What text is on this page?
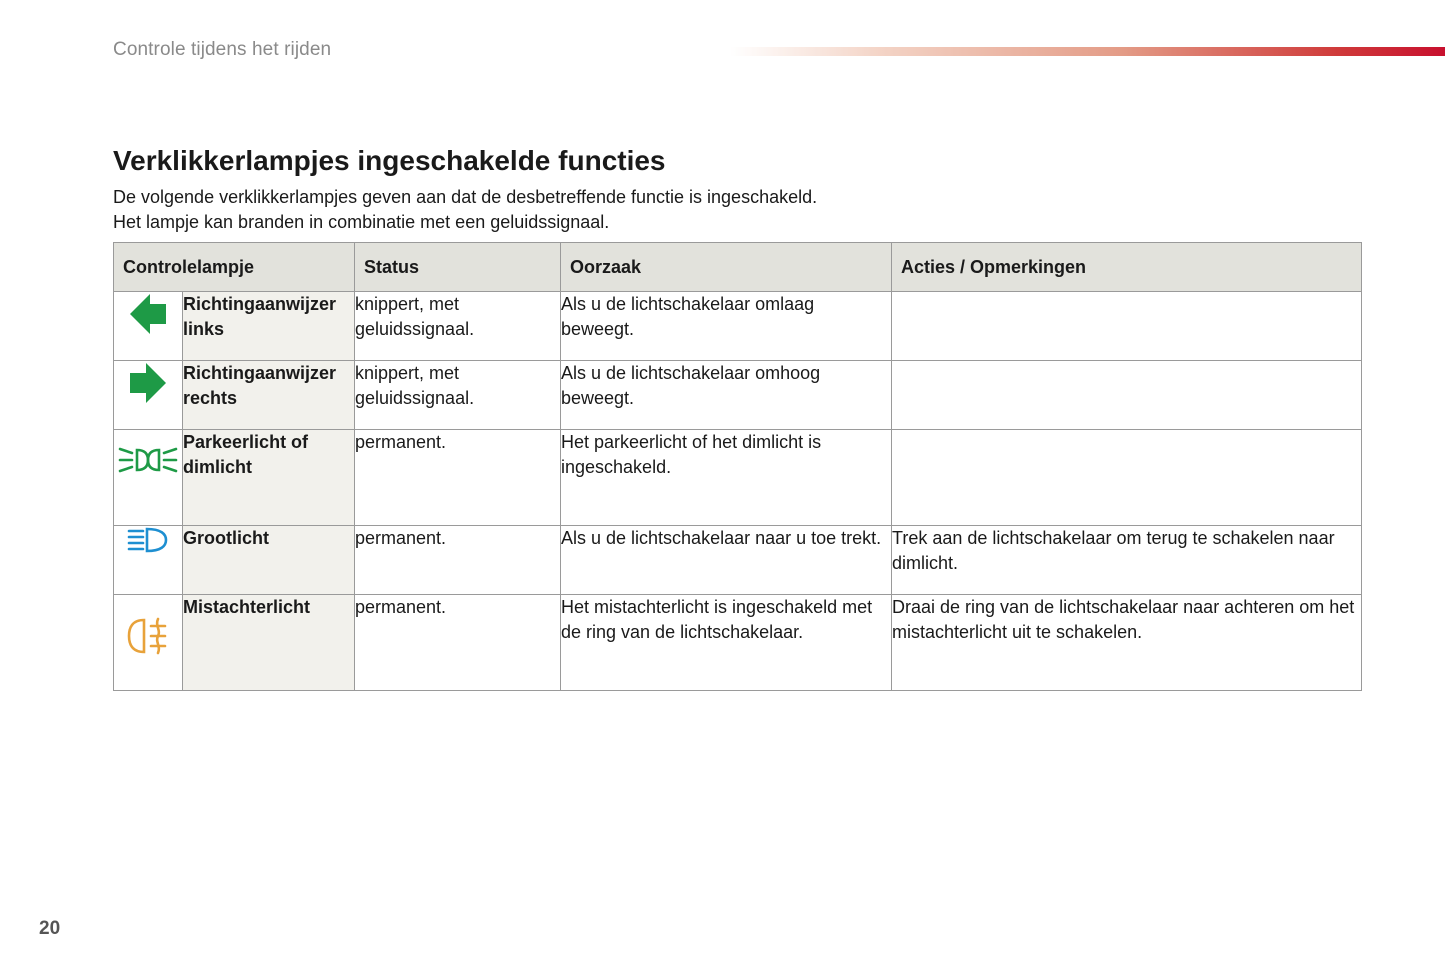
Controle tijdens het rijden
Verklikkerlampjes ingeschakelde functies

De volgende verklikkerlampjes geven aan dat de desbetreffende functie is ingeschakeld.

Het lampje kan branden in combinatie met een geluidssignaal.

Controlelampje		Status	Oorzaak	Acties / Opmerkingen
	Richtingaanwijzer links	knippert, met geluidssignaal.	Als u de lichtschakelaar omlaag beweegt.	
	Richtingaanwijzer rechts	knippert, met geluidssignaal.	Als u de lichtschakelaar omhoog beweegt.	
	Parkeerlicht of dimlicht	permanent.	Het parkeerlicht of het dimlicht is ingeschakeld.	
	Grootlicht	permanent.	Als u de lichtschakelaar naar u toe trekt.	Trek aan de lichtschakelaar om terug te schakelen naar dimlicht.
	Mistachterlicht	permanent.	Het mistachterlicht is ingeschakeld met de ring van de lichtschakelaar.	Draai de ring van de lichtschakelaar naar achteren om het mistachterlicht uit te schakelen.
20
